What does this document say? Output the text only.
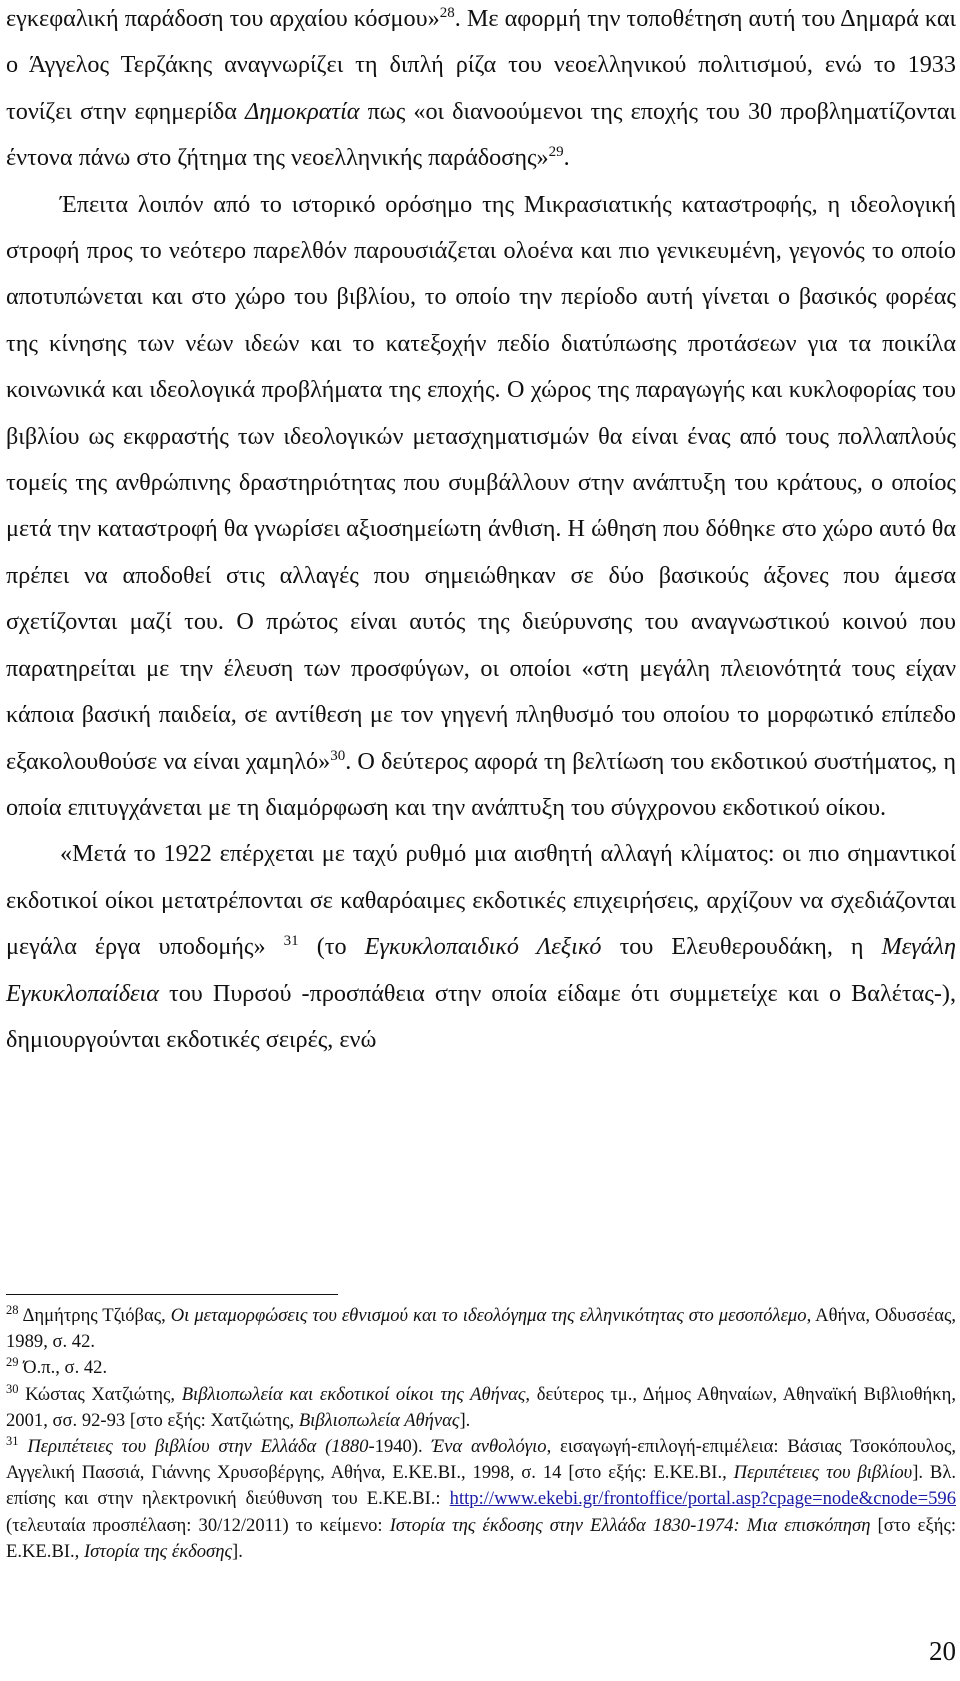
εγκεφαλική παράδοση του αρχαίου κόσμου»$^{28}$. Με αφορμή την τοποθέτηση αυτή του Δημαρά και ο Άγγελος Τερζάκης αναγνωρίζει τη διπλή ρίζα του νεοελληνικού πολιτισμού, ενώ το 1933 τονίζει στην εφημερίδα Δημοκρατία πως «οι διανοούμενοι της εποχής του 30 προβληματίζονται έντονα πάνω στο ζήτημα της νεοελληνικής παράδοσης»$^{29}$.

Έπειτα λοιπόν από το ιστορικό ορόσημο της Μικρασιατικής καταστροφής, η ιδεολογική στροφή προς το νεότερο παρελθόν παρουσιάζεται ολοένα και πιο γενικευμένη, γεγονός το οποίο αποτυπώνεται και στο χώρο του βιβλίου, το οποίο την περίοδο αυτή γίνεται ο βασικός φορέας της κίνησης των νέων ιδεών και το κατεξοχήν πεδίο διατύπωσης προτάσεων για τα ποικίλα κοινωνικά και ιδεολογικά προβλήματα της εποχής. Ο χώρος της παραγωγής και κυκλοφορίας του βιβλίου ως εκφραστής των ιδεολογικών μετασχηματισμών θα είναι ένας από τους πολλαπλούς τομείς της ανθρώπινης δραστηριότητας που συμβάλλουν στην ανάπτυξη του κράτους, ο οποίος μετά την καταστροφή θα γνωρίσει αξιοσημείωτη άνθιση. Η ώθηση που δόθηκε στο χώρο αυτό θα πρέπει να αποδοθεί στις αλλαγές που σημειώθηκαν σε δύο βασικούς άξονες που άμεσα σχετίζονται μαζί του. Ο πρώτος είναι αυτός της διεύρυνσης του αναγνωστικού κοινού που παρατηρείται με την έλευση των προσφύγων, οι οποίοι «στη μεγάλη πλειονότητά τους είχαν κάποια βασική παιδεία, σε αντίθεση με τον γηγενή πληθυσμό του οποίου το μορφωτικό επίπεδο εξακολουθούσε να είναι χαμηλό»$^{30}$. Ο δεύτερος αφορά τη βελτίωση του εκδοτικού συστήματος, η οποία επιτυγχάνεται με τη διαμόρφωση και την ανάπτυξη του σύγχρονου εκδοτικού οίκου.

«Μετά το 1922 επέρχεται με ταχύ ρυθμό μια αισθητή αλλαγή κλίματος: οι πιο σημαντικοί εκδοτικοί οίκοι μετατρέπονται σε καθαρόαιμες εκδοτικές επιχειρήσεις, αρχίζουν να σχεδιάζονται μεγάλα έργα υποδομής» $^{31}$ (το Εγκυκλοπαιδικό Λεξικό του Ελευθερουδάκη, η Μεγάλη Εγκυκλοπαίδεια του Πυρσού -προσπάθεια στην οποία είδαμε ότι συμμετείχε και ο Βαλέτας-), δημιουργούνται εκδοτικές σειρές, ενώ

$^{28}$ Δημήτρης Τζιόβας, Οι μεταμορφώσεις του εθνισμού και το ιδεολόγημα της ελληνικότητας στο μεσοπόλεμο, Αθήνα, Οδυσσέας, 1989, σ. 42.

$^{29}$ Ό.π., σ. 42.

$^{30}$ Κώστας Χατζιώτης, Βιβλιοπωλεία και εκδοτικοί οίκοι της Αθήνας, δεύτερος τμ., Δήμος Αθηναίων, Αθηναϊκή Βιβλιοθήκη, 2001, σσ. 92-93 [στο εξής: Χατζιώτης, Βιβλιοπωλεία Αθήνας].

$^{31}$ Περιπέτειες του βιβλίου στην Ελλάδα (1880-1940). Ένα ανθολόγιο, εισαγωγή-επιλογή-επιμέλεια: Βάσιας Τσοκόπουλος, Αγγελική Πασσιά, Γιάννης Χρυσοβέργης, Αθήνα, Ε.ΚΕ.ΒΙ., 1998, σ. 14 [στο εξής: Ε.ΚΕ.ΒΙ., Περιπέτειες του βιβλίου]. Βλ. επίσης και στην ηλεκτρονική διεύθυνση του Ε.ΚΕ.ΒΙ.: http://www.ekebi.gr/frontoffice/portal.asp?cpage=node&cnode=596 (τελευταία προσπέλαση: 30/12/2011) το κείμενο: Ιστορία της έκδοσης στην Ελλάδα 1830-1974: Μια επισκόπηση [στο εξής: Ε.ΚΕ.ΒΙ., Ιστορία της έκδοσης].

20
